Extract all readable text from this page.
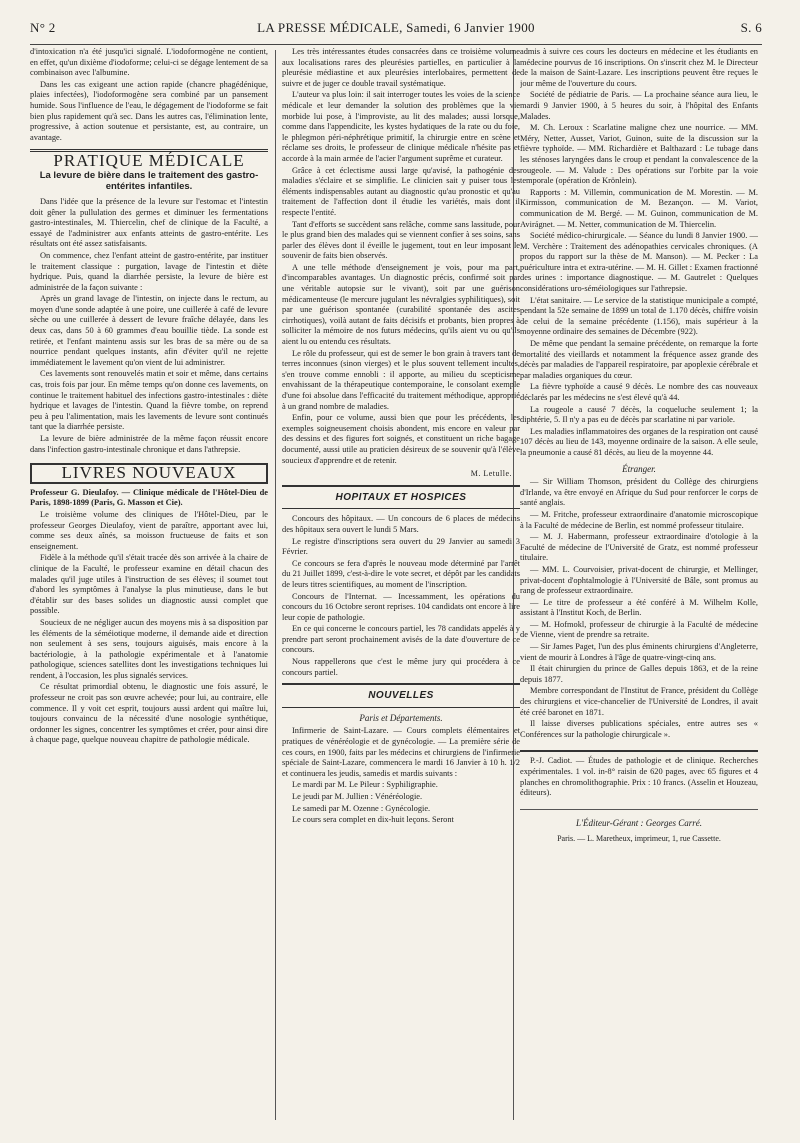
N° 2	LA PRESSE MÉDICALE, Samedi, 6 Janvier 1900	S. 6

d'intoxication n'a été jusqu'ici signalé. L'iodoformogène ne contient, en effet, qu'un dixième d'iodoforme; celui-ci se dégage lentement de sa combinaison avec l'albumine.

Dans les cas exigeant une action rapide (chancre phagédénique, plaies infectées), l'iodoformogène sera combiné par un pansement humide. Sous l'influence de l'eau, le dégagement de l'iodoforme se fait bien plus rapidement qu'à sec. Dans les autres cas, l'élimination lente, progressive, à action soutenue et persistante, est, au contraire, un avantage.

PRATIQUE MÉDICALE
La levure de bière dans le traitement des gastro-entérites infantiles.

Dans l'idée que la présence de la levure sur l'estomac et l'intestin doit gêner la pullulation des germes et diminuer les fermentations gastro-intestinales, M. Thiercelin, chef de clinique de la Faculté, a essayé de l'administrer aux enfants atteints de gastro-entérite. Les résultats ont été assez satisfaisants.

On commence, chez l'enfant atteint de gastro-entérite, par instituer le traitement classique : purgation, lavage de l'intestin et diète hydrique. Puis, quand la diarrhée persiste, la levure de bière est administrée de la façon suivante :

Après un grand lavage de l'intestin, on injecte dans le rectum, au moyen d'une sonde adaptée à une poire, une cuillerée à café de levure sèche ou une cuillerée à dessert de levure fraîche délayée, dans les deux cas, dans 50 à 60 grammes d'eau bouillie tiède. La sonde est retirée, et l'enfant maintenu assis sur les bras de sa mère ou de sa nourrice pendant quelques instants, afin d'éviter qu'il ne rejette immédiatement le lavement qu'on vient de lui administrer.

Ces lavements sont renouvelés matin et soir et même, dans certains cas, trois fois par jour. En même temps qu'on donne ces lavements, on continue le traitement habituel des infections gastro-intestinales : diète hydrique et lavages de l'intestin. Quand la fièvre tombe, on reprend peu à peu l'alimentation, mais les lavements de levure sont continués tant que la diarrhée persiste.

La levure de bière administrée de la même façon réussit encore dans l'infection gastro-intestinale chronique et dans l'athrepsie.

LIVRES NOUVEAUX

Professeur G. Dieulafoy. — Clinique médicale de l'Hôtel-Dieu de Paris, 1898-1899 (Paris, G. Masson et Cie).

Le troisième volume des cliniques de l'Hôtel-Dieu, par le professeur Georges Dieulafoy, vient de paraître, apportant avec lui, comme ses deux aînés, sa moisson fructueuse de faits et son enseignement.

Fidèle à la méthode qu'il s'était tracée dès son arrivée à la chaire de clinique de la Faculté, le professeur examine en détail chacun des malades qu'il juge utiles à l'instruction de ses élèves; il soumet tout d'abord les symptômes à l'analyse la plus minutieuse, dans le but d'établir sur des bases solides un diagnostic aussi complet que possible.

Soucieux de ne négliger aucun des moyens mis à sa disposition par les éléments de la séméiotique moderne, il demande aide et direction non seulement à ses sens, toujours aiguisés, mais encore à la bactériologie, à la pathologie expérimentale et à l'anatomie pathologique, sciences satellites dont les investigations techniques lui rendent, à l'occasion, les plus signalés services.

Ce résultat primordial obtenu, le diagnostic une fois assuré, le professeur ne croit pas son œuvre achevée; pour lui, au contraire, elle commence. Il y voit cet esprit, toujours aussi ardent qui maître lui, toujours convaincu de la nécessité d'une nosologie synthétique, ordonner les signes, concentrer les symptômes et créer, pour ainsi dire à chaque page, quelque nouveau chapitre de pathologie médicale.

Les très intéressantes études consacrées dans ce troisième volume aux localisations rares des pleurésies partielles, en particulier à la pleurésie médiastine et aux pleurésies interlobaires, permettent de suivre et de juger ce double travail systématique.

L'auteur va plus loin: il sait interroger toutes les voies de la science médicale et leur demander la solution des problèmes que la vie morbide lui pose, à l'improviste, au lit des malades; aussi lorsque, comme dans l'appendicite, les kystes hydatiques de la rate ou du foie, le phlegmon péri-néphrétique primitif, la chirurgie entre en scène et réclame ses droits, le professeur de clinique médicale n'hésite pas et accorde à la main armée de l'acier l'argument suprême et curateur.

Grâce à cet éclectisme aussi large qu'avisé, la pathogénie des maladies s'éclaire et se simplifie. Le clinicien sait y puiser tous les éléments indispensables autant au diagnostic qu'au pronostic et qu'au traitement de l'affection dont il étudie les variétés, mais dont il respecte l'entité.

Tant d'efforts se succèdent sans relâche, comme sans lassitude, pour le plus grand bien des malades qui se viennent confier à ses soins, sans parler des élèves dont il éveille le jugement, tout en leur imposant le souvenir de faits bien observés.

A une telle méthode d'enseignement je vois, pour ma part, d'incomparables avantages. Un diagnostic précis, confirmé soit par une véritable autopsie sur le vivant), soit par une guérison médicamenteuse (le mercure jugulant les névralgies syphilitiques), soit par une guérison spontanée (curabilité spontanée des ascites cirrhotiques), voilà autant de faits décisifs et probants, bien propres à solliciter la mémoire de nos futurs médecins, qu'ils aient vu ou qu'ils aient lu ou entendu ces résultats.

Le rôle du professeur, qui est de semer le bon grain à travers tant de terres inconnues (sinon vierges) et le plus souvent tellement incultes, s'en trouve comme ennobli : il apporte, au milieu du scepticisme envahissant de la thérapeutique contemporaine, le consolant exemple d'une foi absolue dans l'efficacité du traitement méthodique, approprié à un grand nombre de maladies.

Enfin, pour ce volume, aussi bien que pour les précédents, les exemples soigneusement choisis abondent, mis encore en valeur par des dessins et des figures fort soignés, et constituent un riche bagage documenté, aussi utile au praticien désireux de se souvenir qu'à l'élève soucieux d'apprendre et de retenir.

M. Letulle.
HOPITAUX ET HOSPICES

Concours des hôpitaux. — Un concours de 6 places de médecins des hôpitaux sera ouvert le lundi 5 Mars.

Le registre d'inscriptions sera ouvert du 29 Janvier au samedi 3 Février.

Ce concours se fera d'après le nouveau mode déterminé par l'arrêt du 21 Juillet 1899, c'est-à-dire le vote secret, et dépôt par les candidats de leurs titres scientifiques, au moment de l'inscription.

Concours de l'Internat. — Incessamment, les opérations du concours du 16 Octobre seront reprises. 104 candidats ont encore à lire leur copie de pathologie.

En ce qui concerne le concours partiel, les 78 candidats appelés à y prendre part seront prochainement avisés de la date d'ouverture de ce concours.

Nous rappellerons que c'est le même jury qui procédera à ce concours partiel.

NOUVELLES
Paris et Départements.

Infirmerie de Saint-Lazare. — Cours complets élémentaires et pratiques de vénéréologie et de gynécologie. — La première série de ces cours, en 1900, faits par les médecins et chirurgiens de l'infirmerie spéciale de Saint-Lazare, commencera le mardi 16 Janvier à 10 h. 1/2 et continuera les jeudis, samedis et mardis suivants :

Le mardi par M. Le Pileur : Syphiligraphie.

Le jeudi par M. Jullien : Vénéréologie.

Le samedi par M. Ozenne : Gynécologie.

Le cours sera complet en dix-huit leçons. Seront

admis à suivre ces cours les docteurs en médecine et les étudiants en médecine pourvus de 16 inscriptions. On s'inscrit chez M. le Directeur de la maison de Saint-Lazare. Les inscriptions peuvent être reçues le jour même de l'ouverture du cours.

Société de pédiatrie de Paris. — La prochaine séance aura lieu, le mardi 9 Janvier 1900, à 5 heures du soir, à l'hôpital des Enfants Malades.

M. Ch. Leroux : Scarlatine maligne chez une nourrice. — MM. Méry, Netter, Ausset, Variot, Guinon, suite de la discussion sur la fièvre typhoïde. — MM. Richardière et Balthazard : Le tubage dans les sténoses laryngées dans le croup et pendant la convalescence de la rougeole. — M. Valude : Des opérations sur l'orbite par la voie temporale (opération de Krönlein).

Rapports : M. Villemin, communication de M. Morestin. — M. Kirmisson, communication de M. Bezançon. — M. Variot, communication de M. Bergé. — M. Guinon, communication de M. Avirágnet. — M. Netter, communication de M. Thiercelin.

Société médico-chirurgicale. — Séance du lundi 8 Janvier 1900. — M. Verchère : Traitement des adénopathies cervicales chroniques. (A propos du rapport sur la thèse de M. Manson). — M. Pecker : La puériculture intra et extra-utérine. — M. H. Gillet : Examen fractionné des urines : importance diagnostique. — M. Gautrelet : Quelques considérations uro-séméiologiques sur l'athrepsie.

L'état sanitaire. — Le service de la statistique municipale a compté, pendant la 52e semaine de 1899 un total de 1.170 décès, chiffre voisin de celui de la semaine précédente (1.156), mais supérieur à la moyenne ordinaire des semaines de Décembre (922).

De même que pendant la semaine précédente, on remarque la forte mortalité des vieillards et notamment la fréquence assez grande des décès par maladies de l'appareil respiratoire, par apoplexie cérébrale et par maladies organiques du cœur.

La fièvre typhoïde a causé 9 décès. Le nombre des cas nouveaux déclarés par les médecins ne s'est élevé qu'à 44.

La rougeole a causé 7 décès, la coqueluche seulement 1; la diphtérie, 5. Il n'y a pas eu de décès par scarlatine ni par variole.

Les maladies inflammatoires des organes de la respiration ont causé 107 décès au lieu de 143, moyenne ordinaire de la saison. A elle seule, la pneumonie a causé 81 décès, au lieu de la moyenne 44.

Étranger.

— Sir William Thomson, président du Collège des chirurgiens d'Irlande, va être envoyé en Afrique du Sud pour renforcer le corps de santé anglais.

— M. Fritche, professeur extraordinaire d'anatomie microscopique à la Faculté de médecine de Berlin, est nommé professeur titulaire.

— M. J. Habermann, professeur extraordinaire d'otologie à la Faculté de médecine de l'Université de Gratz, est nommé professeur titulaire.

— MM. L. Courvoisier, privat-docent de chirurgie, et Mellinger, privat-docent d'ophtalmologie à l'Université de Bâle, sont promus au rang de professeur extraordinaire.

— Le titre de professeur a été conféré à M. Wilhelm Kolle, assistant à l'Institut Koch, de Berlin.

— M. Hofmokl, professeur de chirurgie à la Faculté de médecine de Vienne, vient de prendre sa retraite.

— Sir James Paget, l'un des plus éminents chirurgiens d'Angleterre, vient de mourir à Londres à l'âge de quatre-vingt-cinq ans.

Il était chirurgien du prince de Galles depuis 1863, et de la reine depuis 1877.

Membre correspondant de l'Institut de France, président du Collège des chirurgiens et vice-chancelier de l'Université de Londres, il avait été créé baronet en 1871.

Il laisse diverses publications spéciales, entre autres ses « Conférences sur la pathologie chirurgicale ».

P.-J. Cadiot. — Études de pathologie et de clinique. Recherches expérimentales. 1 vol. in-8° raisin de 620 pages, avec 65 figures et 4 planches en chromolithographie. Prix : 10 francs. (Asselin et Houzeau, éditeurs).

L'Éditeur-Gérant : Georges Carré.
Paris. — L. Maretheux, imprimeur, 1, rue Cassette.
